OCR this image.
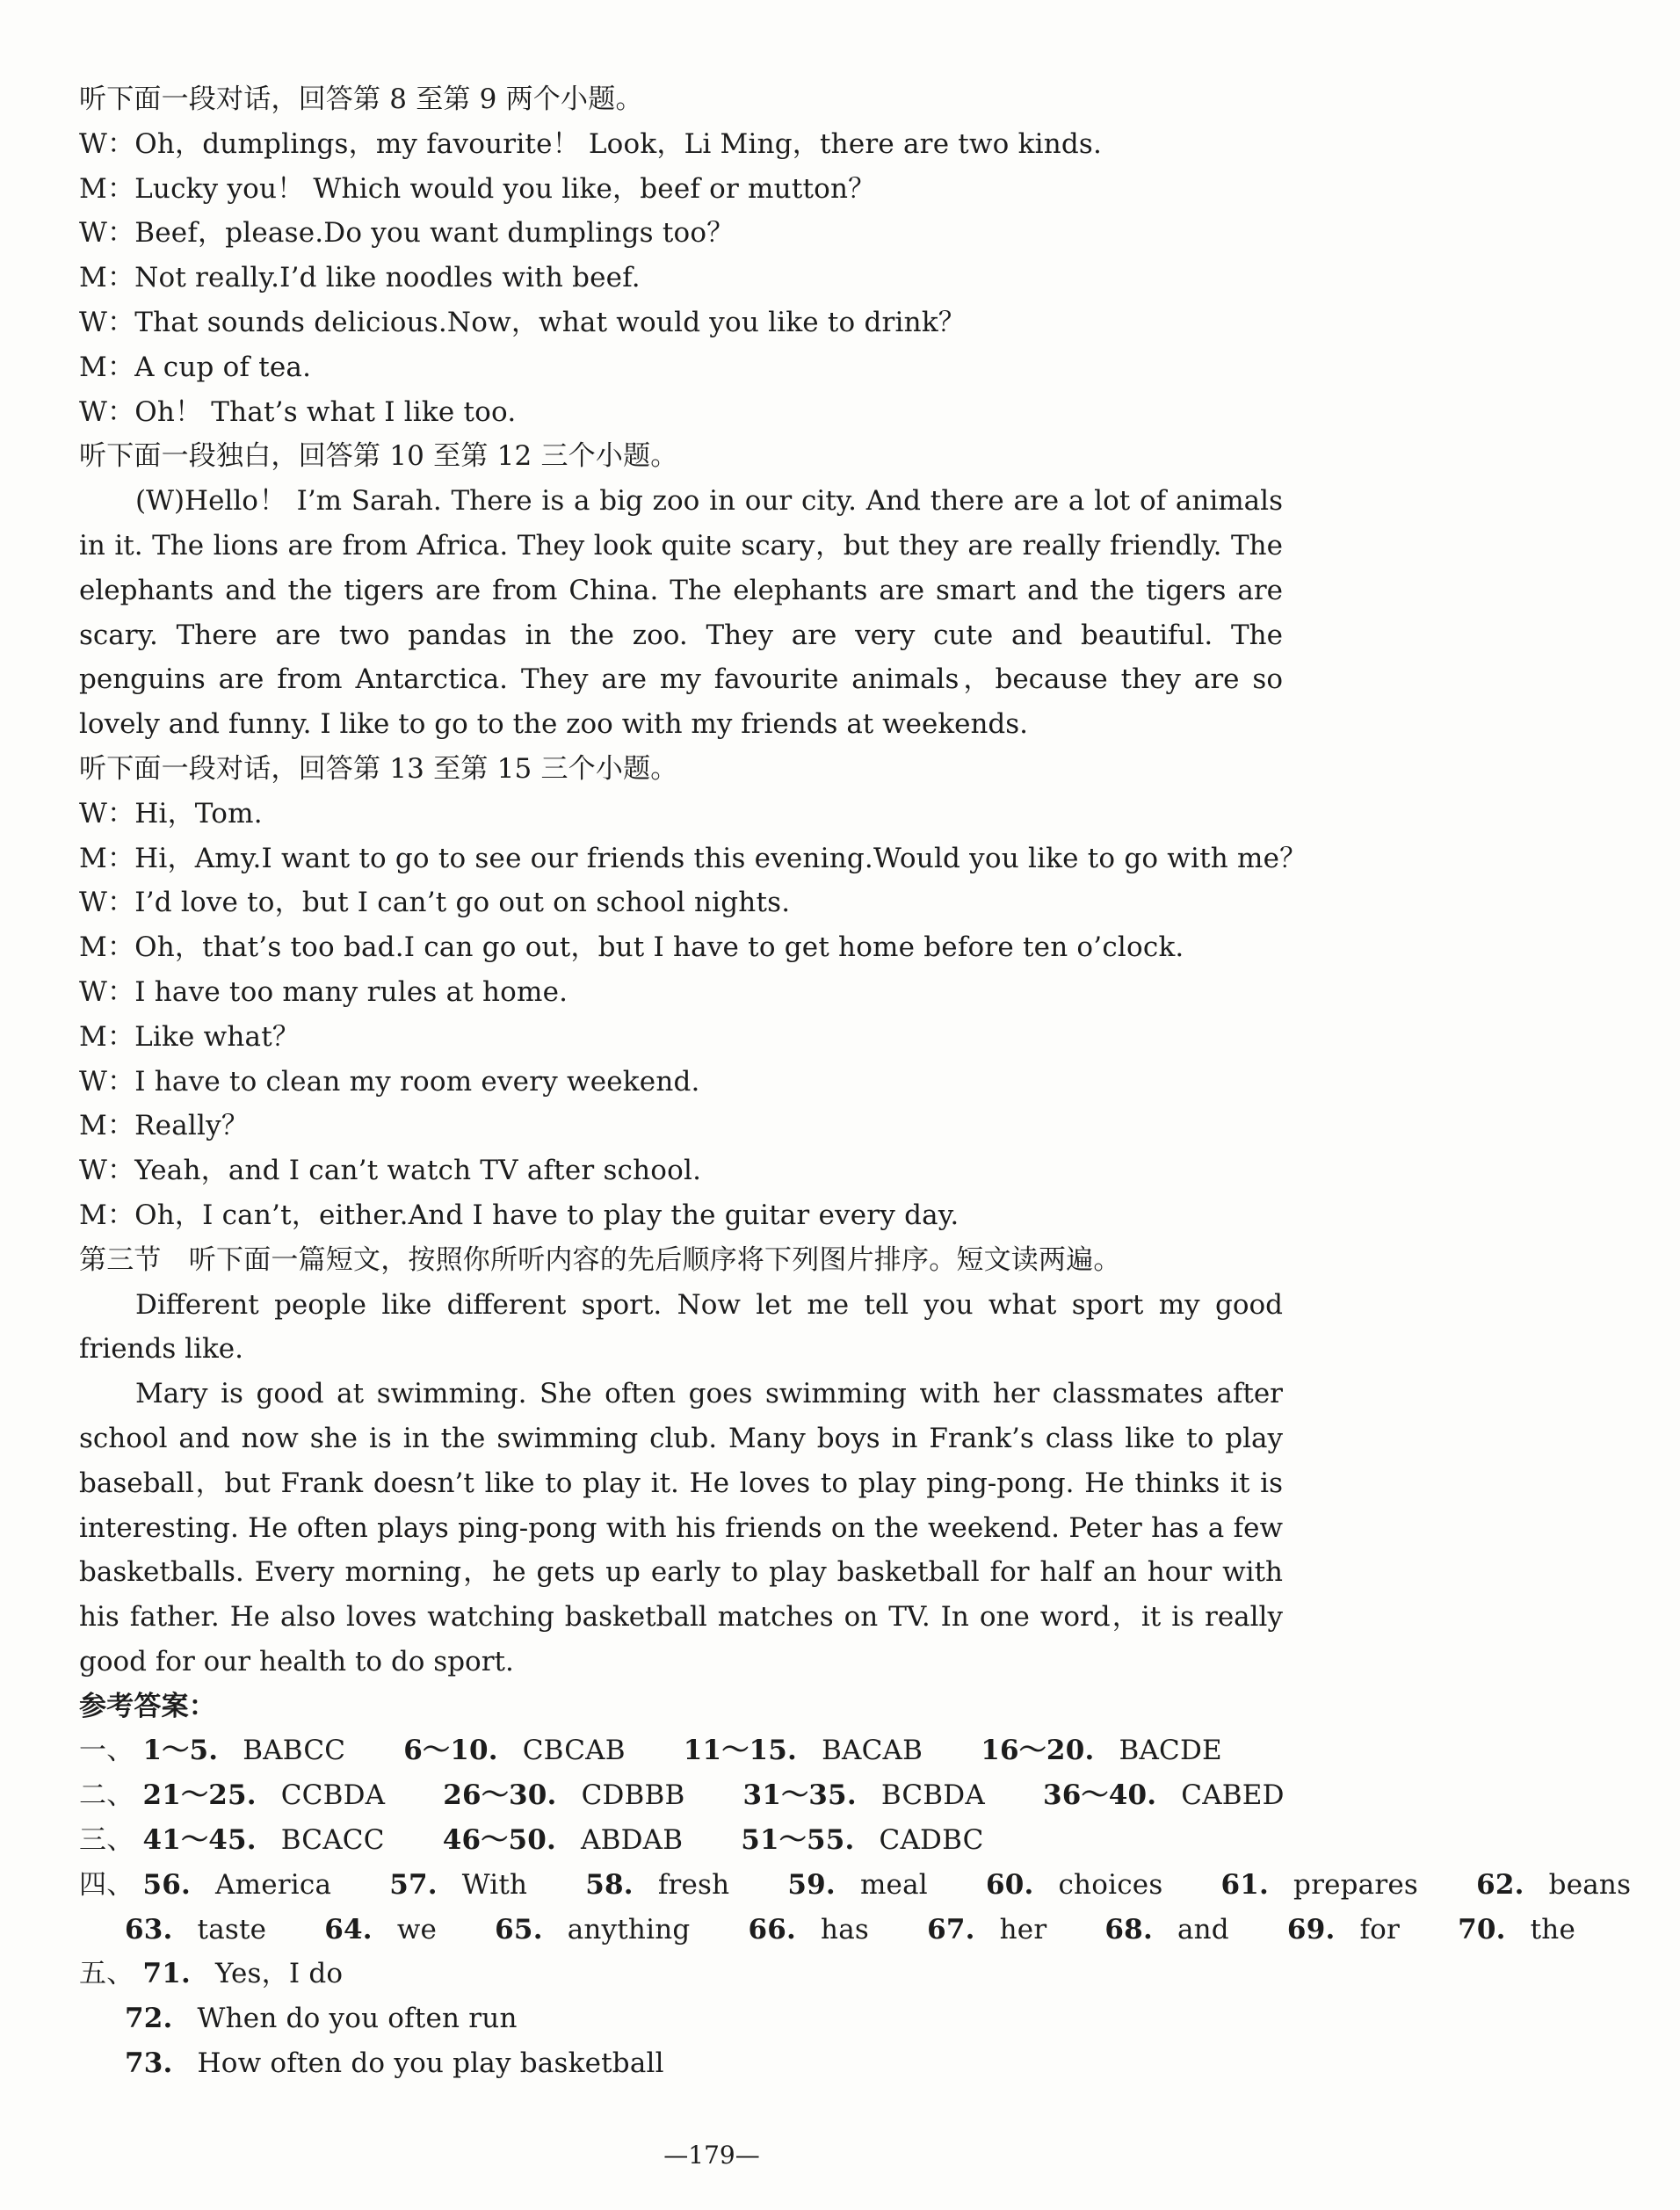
听下面一段对话，回答第 8 至第 9 两个小题。
W：Oh，dumplings，my favourite！ Look，Li Ming，there are two kinds.
M：Lucky you！ Which would you like，beef or mutton？
W：Beef，please.Do you want dumplings too？
M：Not really.I’d like noodles with beef.
W：That sounds delicious.Now，what would you like to drink？
M：A cup of tea.
W：Oh！ That’s what I like too.
听下面一段独白，回答第 10 至第 12 三个小题。

(W)Hello！ I’m Sarah. There is a big zoo in our city. And there are a lot of animals in it. The lions are from Africa. They look quite scary，but they are really friendly. The elephants and the tigers are from China. The elephants are smart and the tigers are scary. There are two pandas in the zoo. They are very cute and beautiful. The penguins are from Antarctica. They are my favourite animals，because they are so lovely and funny. I like to go to the zoo with my friends at weekends.

听下面一段对话，回答第 13 至第 15 三个小题。
W：Hi，Tom.
M：Hi，Amy.I want to go to see our friends this evening.Would you like to go with me？
W：I’d love to，but I can’t go out on school nights.
M：Oh，that’s too bad.I can go out，but I have to get home before ten o’clock.
W：I have too many rules at home.
M：Like what？
W：I have to clean my room every weekend.
M：Really？
W：Yeah，and I can’t watch TV after school.
M：Oh，I can’t，either.And I have to play the guitar every day.
第三节　听下面一篇短文，按照你所听内容的先后顺序将下列图片排序。短文读两遍。

Different people like different sport. Now let me tell you what sport my good friends like.

Mary is good at swimming. She often goes swimming with her classmates after school and now she is in the swimming club. Many boys in Frank’s class like to play baseball，but Frank doesn’t like to play it. He loves to play ping-pong. He thinks it is interesting. He often plays ping-pong with his friends on the weekend. Peter has a few basketballs. Every morning，he gets up early to play basketball for half an hour with his father. He also loves watching basketball matches on TV. In one word，it is really good for our health to do sport.

参考答案：
一、 1～5. BABCC 6～10. CBCAB 11～15. BACAB 16～20. BACDE
二、 21～25. CCBDA 26～30. CDBBB 31～35. BCBDA 36～40. CABED
三、 41～45. BCACC 46～50. ABDAB 51～55. CADBC
四、 56. America 57. With 58. fresh 59. meal 60. choices 61. prepares 62. beans
63. taste 64. we 65. anything 66. has 67. her 68. and 69. for 70. the
五、 71. Yes，I do
72. When do you often run
73. How often do you play basketball
—179—
